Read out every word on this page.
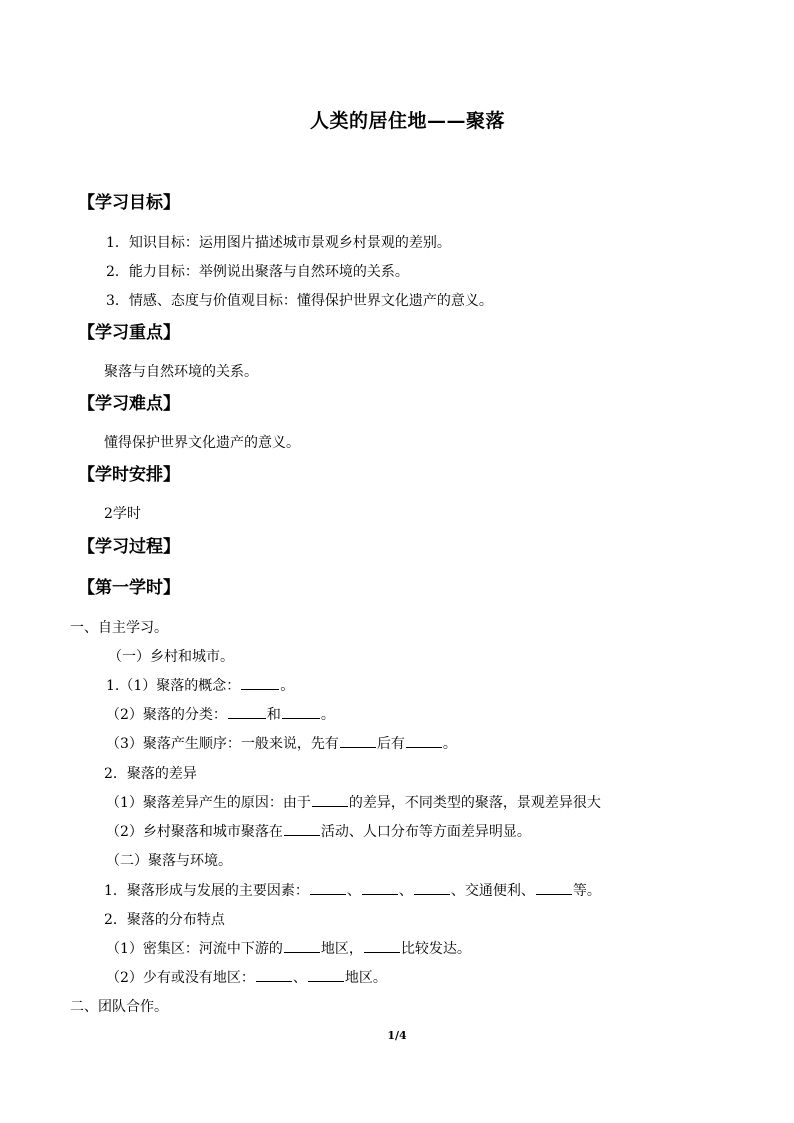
人类的居住地——聚落
【学习目标】
1．知识目标：运用图片描述城市景观乡村景观的差别。
2．能力目标：举例说出聚落与自然环境的关系。
3．情感、态度与价值观目标：懂得保护世界文化遗产的意义。
【学习重点】
聚落与自然环境的关系。
【学习难点】
懂得保护世界文化遗产的意义。
【学时安排】
2学时
【学习过程】
【第一学时】
一、自主学习。
（一）乡村和城市。
1.（1）聚落的概念：	。
（2）聚落的分类：	和	。
（3）聚落产生顺序：一般来说，先有	后有	。
2．聚落的差异
（1）聚落差异产生的原因：由于	的差异，不同类型的聚落，景观差异很大
（2）乡村聚落和城市聚落在	活动、人口分布等方面差异明显。
（二）聚落与环境。
1．聚落形成与发展的主要因素：	、	、	、交通便利、	等。
2．聚落的分布特点
（1）密集区：河流中下游的	地区，	比较发达。
（2）少有或没有地区：	、	地区。
二、团队合作。
1/4
